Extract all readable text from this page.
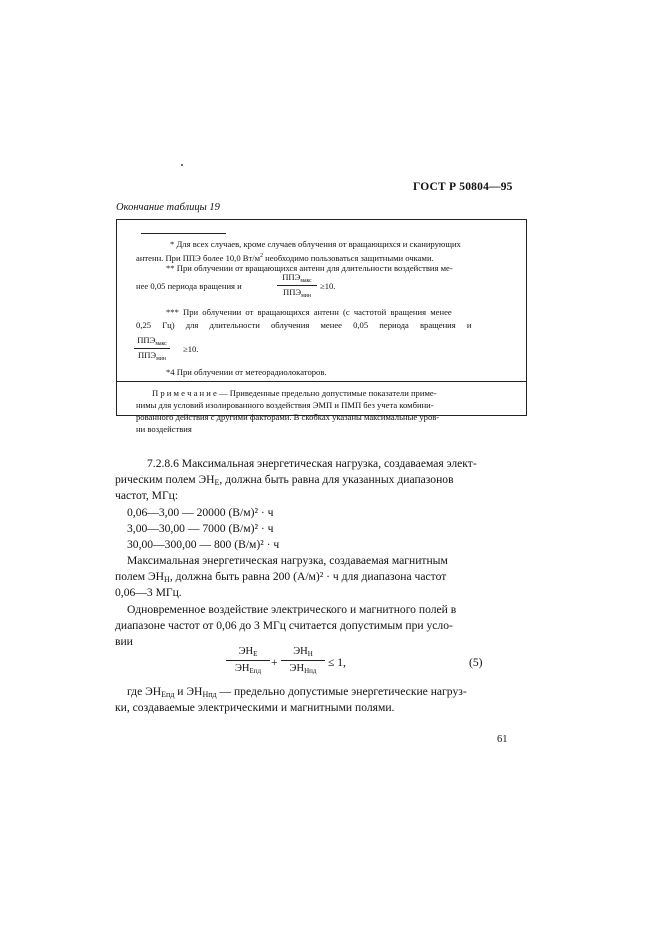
ГОСТ Р 50804—95
Окончание таблицы 19
* Для всех случаев, кроме случаев облучения от вращающихся и сканирующих
антенн. При ППЭ более 10,0 $Вт/м^2$ необходимо пользоваться защитными очками.
** При облучении от вращающихся антенн для длительности воздействия ме-
нее 0,05 периода вращения и
$ППЭ_{макс}$
$ППЭ_{мин}$
≥10.
*** При облучении от вращающихся антенн (с частотой вращения менее
0,25 Гц) для длительности облучения менее 0,05 периода вращения и
$ППЭ_{макс}$
$ППЭ_{мин}$
≥10.
*4 При облучении от метеорадиолокаторов.
П р и м е ч а н и е — Приведенные предельно допустимые показатели приме-
нимы для условий изолированного воздействия ЭМП и ПМП без учета комбини-
рованного действия с другими факторами. В скобках указаны максимальные уров-
ни воздействия
7.2.8.6 Максимальная энергетическая нагрузка, создаваемая элект-
рическим полем $ЭН_E$, должна быть равна для указанных диапазонов
частот, МГц:
0,06—3,00 — 20000 (В/м)² · ч
3,00—30,00 — 7000 (В/м)² · ч
30,00—300,00 — 800 (В/м)² · ч
Максимальная энергетическая нагрузка, создаваемая магнитным
полем $ЭН_H$, должна быть равна 200 (А/м)² · ч для диапазона частот
0,06—3 МГц.
Одновременное воздействие электрического и магнитного полей в
диапазоне частот от 0,06 до 3 МГц считается допустимым при усло-
вии
$ЭН_E$
$ЭН_{Eпд}$
+
$ЭН_H$
$ЭН_{Hпд}$
≤ 1,	(5)
где $ЭН_{Eпд}$ и $ЭН_{Hпд}$ — предельно допустимые энергетические нагруз-
ки, создаваемые электрическими и магнитными полями.
61
